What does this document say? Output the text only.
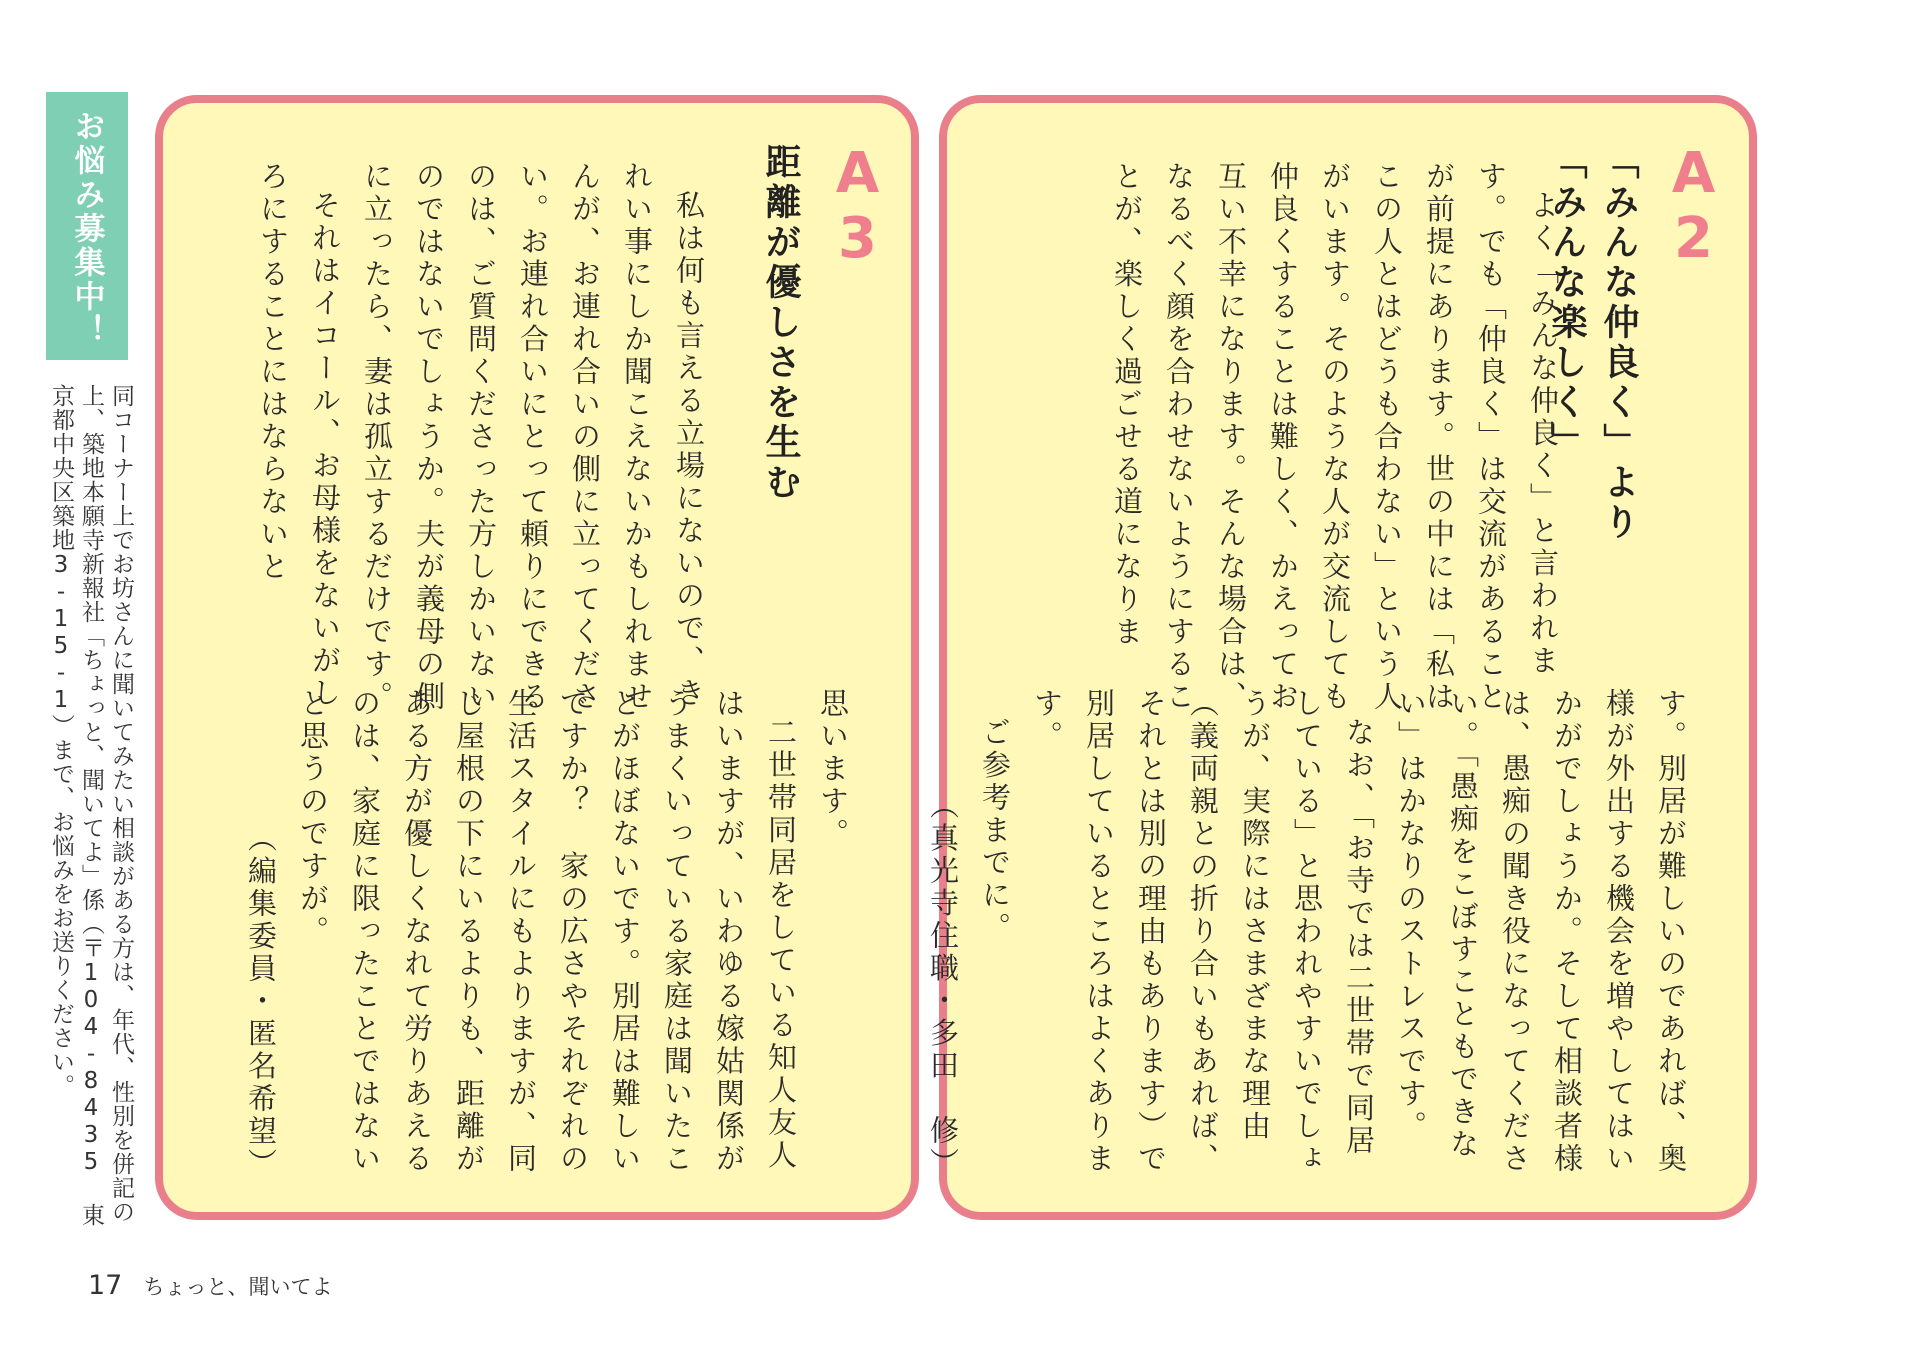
お悩み募集中！
同コーナー上でお坊さんに聞いてみたい相談がある方は、年代、性別を併記の上、築地本願寺新報社「ちょっと、聞いてよ」係（〒104-8435 東京都中央区築地3-15-1）まで、お悩みをお送りください。
A3
距離が優しさを生む

私は何も言える立場にないので、きれい事にしか聞こえないかもしれませんが、お連れ合いの側に立ってください。お連れ合いにとって頼りにできるのは、ご質問くださった方しかいないのではないでしょうか。夫が義母の側に立ったら、妻は孤立するだけです。

それはイコール、お母様をないがしろにすることにはならないと

思います。

二世帯同居をしている知人友人はいますが、いわゆる嫁姑関係がうまくいっている家庭は聞いたことがほぼないです。別居は難しいですか？　家の広さやそれぞれの生活スタイルにもよりますが、同じ屋根の下にいるよりも、距離がある方が優しくなれて労りあえるのは、家庭に限ったことではないと思うのですが。

（編集委員・匿名希望）
A2
「みんな仲良く」より
「みんな楽しく」

よく「みんな仲良く」と言われます。でも「仲良く」は交流があることが前提にあります。世の中には「私はこの人とはどうも合わない」という人がいます。そのような人が交流しても仲良くすることは難しく、かえってお互い不幸になります。そんな場合は、なるべく顔を合わせないようにすることが、楽しく過ごせる道になりま

す。別居が難しいのであれば、奥様が外出する機会を増やしてはいかがでしょうか。そして相談者様は、愚痴の聞き役になってください。「愚痴をこぼすこともできない」はかなりのストレスです。

なお、「お寺では二世帯で同居している」と思われやすいでしょうが、実際にはさまざまな理由（義両親との折り合いもあれば、それとは別の理由もあります）で別居しているところはよくあります。

ご参考までに。

（真光寺住職・多田　修）
17 ちょっと、聞いてよ
